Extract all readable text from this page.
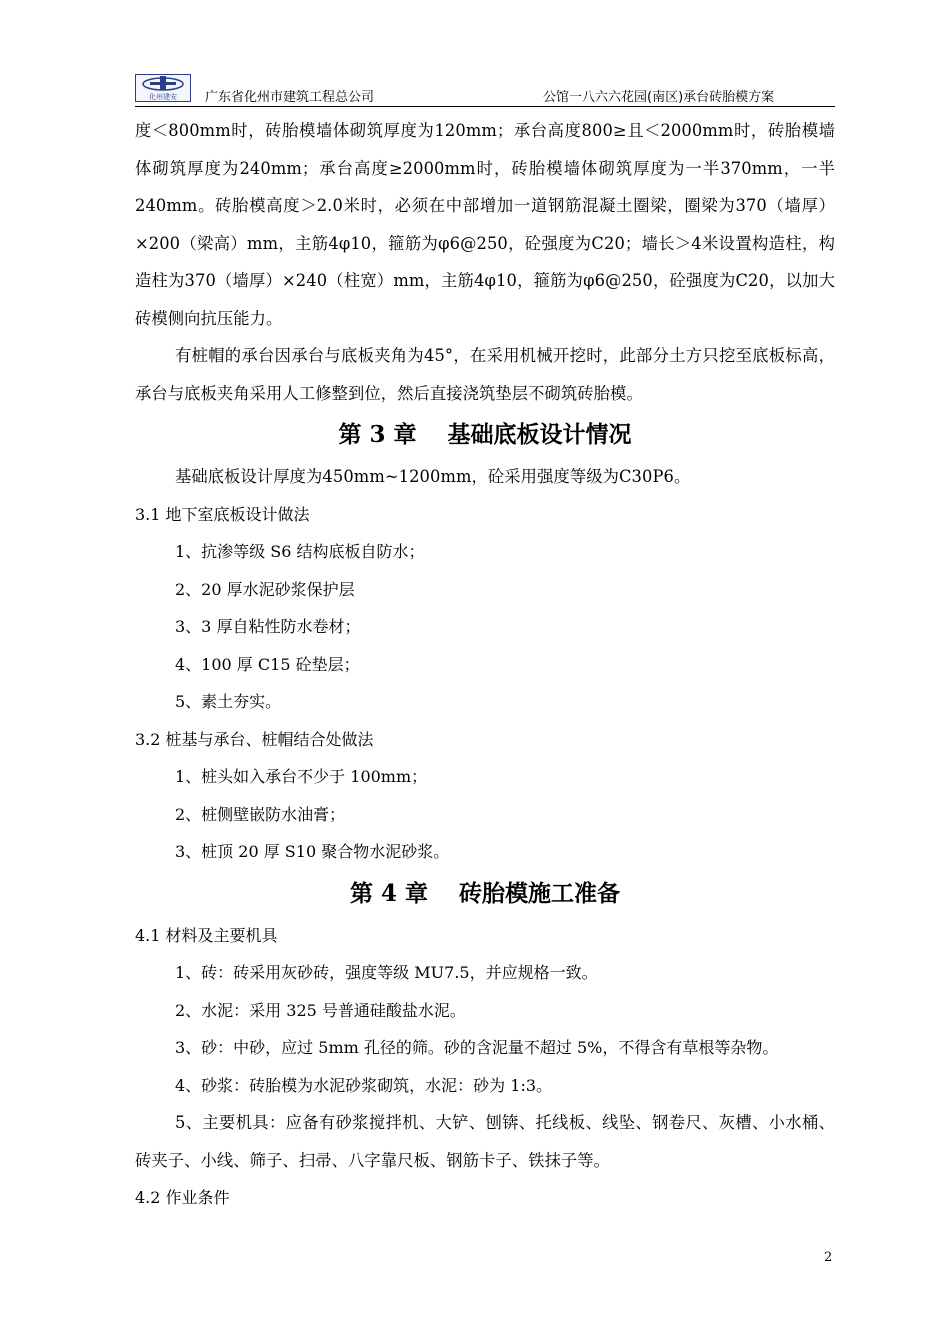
化州建安 广东省化州市建筑工程总公司	公馆一八六六花园(南区)承台砖胎模方案

度＜800mm时，砖胎模墙体砌筑厚度为120mm；承台高度800≥且＜2000mm时，砖胎模墙体砌筑厚度为240mm；承台高度≥2000mm时，砖胎模墙体砌筑厚度为一半370mm，一半240mm。砖胎模高度＞2.0米时，必须在中部增加一道钢筋混凝土圈梁，圈梁为370（墙厚）×200（梁高）mm，主筋4φ10，箍筋为φ6@250，砼强度为C20；墙长＞4米设置构造柱，构造柱为370（墙厚）×240（柱宽）mm，主筋4φ10，箍筋为φ6@250，砼强度为C20，以加大砖模侧向抗压能力。

有桩帽的承台因承台与底板夹角为45°，在采用机械开挖时，此部分土方只挖至底板标高，承台与底板夹角采用人工修整到位，然后直接浇筑垫层不砌筑砖胎模。

第 3 章　 基础底板设计情况

基础底板设计厚度为450mm~1200mm，砼采用强度等级为C30P6。

3.1 地下室底板设计做法

1、抗渗等级 S6 结构底板自防水；

2、20 厚水泥砂浆保护层

3、3 厚自粘性防水卷材；

4、100 厚 C15 砼垫层；

5、素土夯实。

3.2 桩基与承台、桩帽结合处做法

1、桩头如入承台不少于 100mm；

2、桩侧壁嵌防水油膏；

3、桩顶 20 厚 S10 聚合物水泥砂浆。

第 4 章　 砖胎模施工准备

4.1 材料及主要机具

1、砖：砖采用灰砂砖，强度等级 MU7.5，并应规格一致。

2、水泥：采用 325 号普通硅酸盐水泥。

3、砂：中砂，应过 5mm 孔径的筛。砂的含泥量不超过 5%，不得含有草根等杂物。

4、砂浆：砖胎模为水泥砂浆砌筑，水泥：砂为 1:3。

5、主要机具：应备有砂浆搅拌机、大铲、刨锛、托线板、线坠、钢卷尺、灰槽、小水桶、砖夹子、小线、筛子、扫帚、八字靠尺板、钢筋卡子、铁抹子等。

4.2 作业条件

2
